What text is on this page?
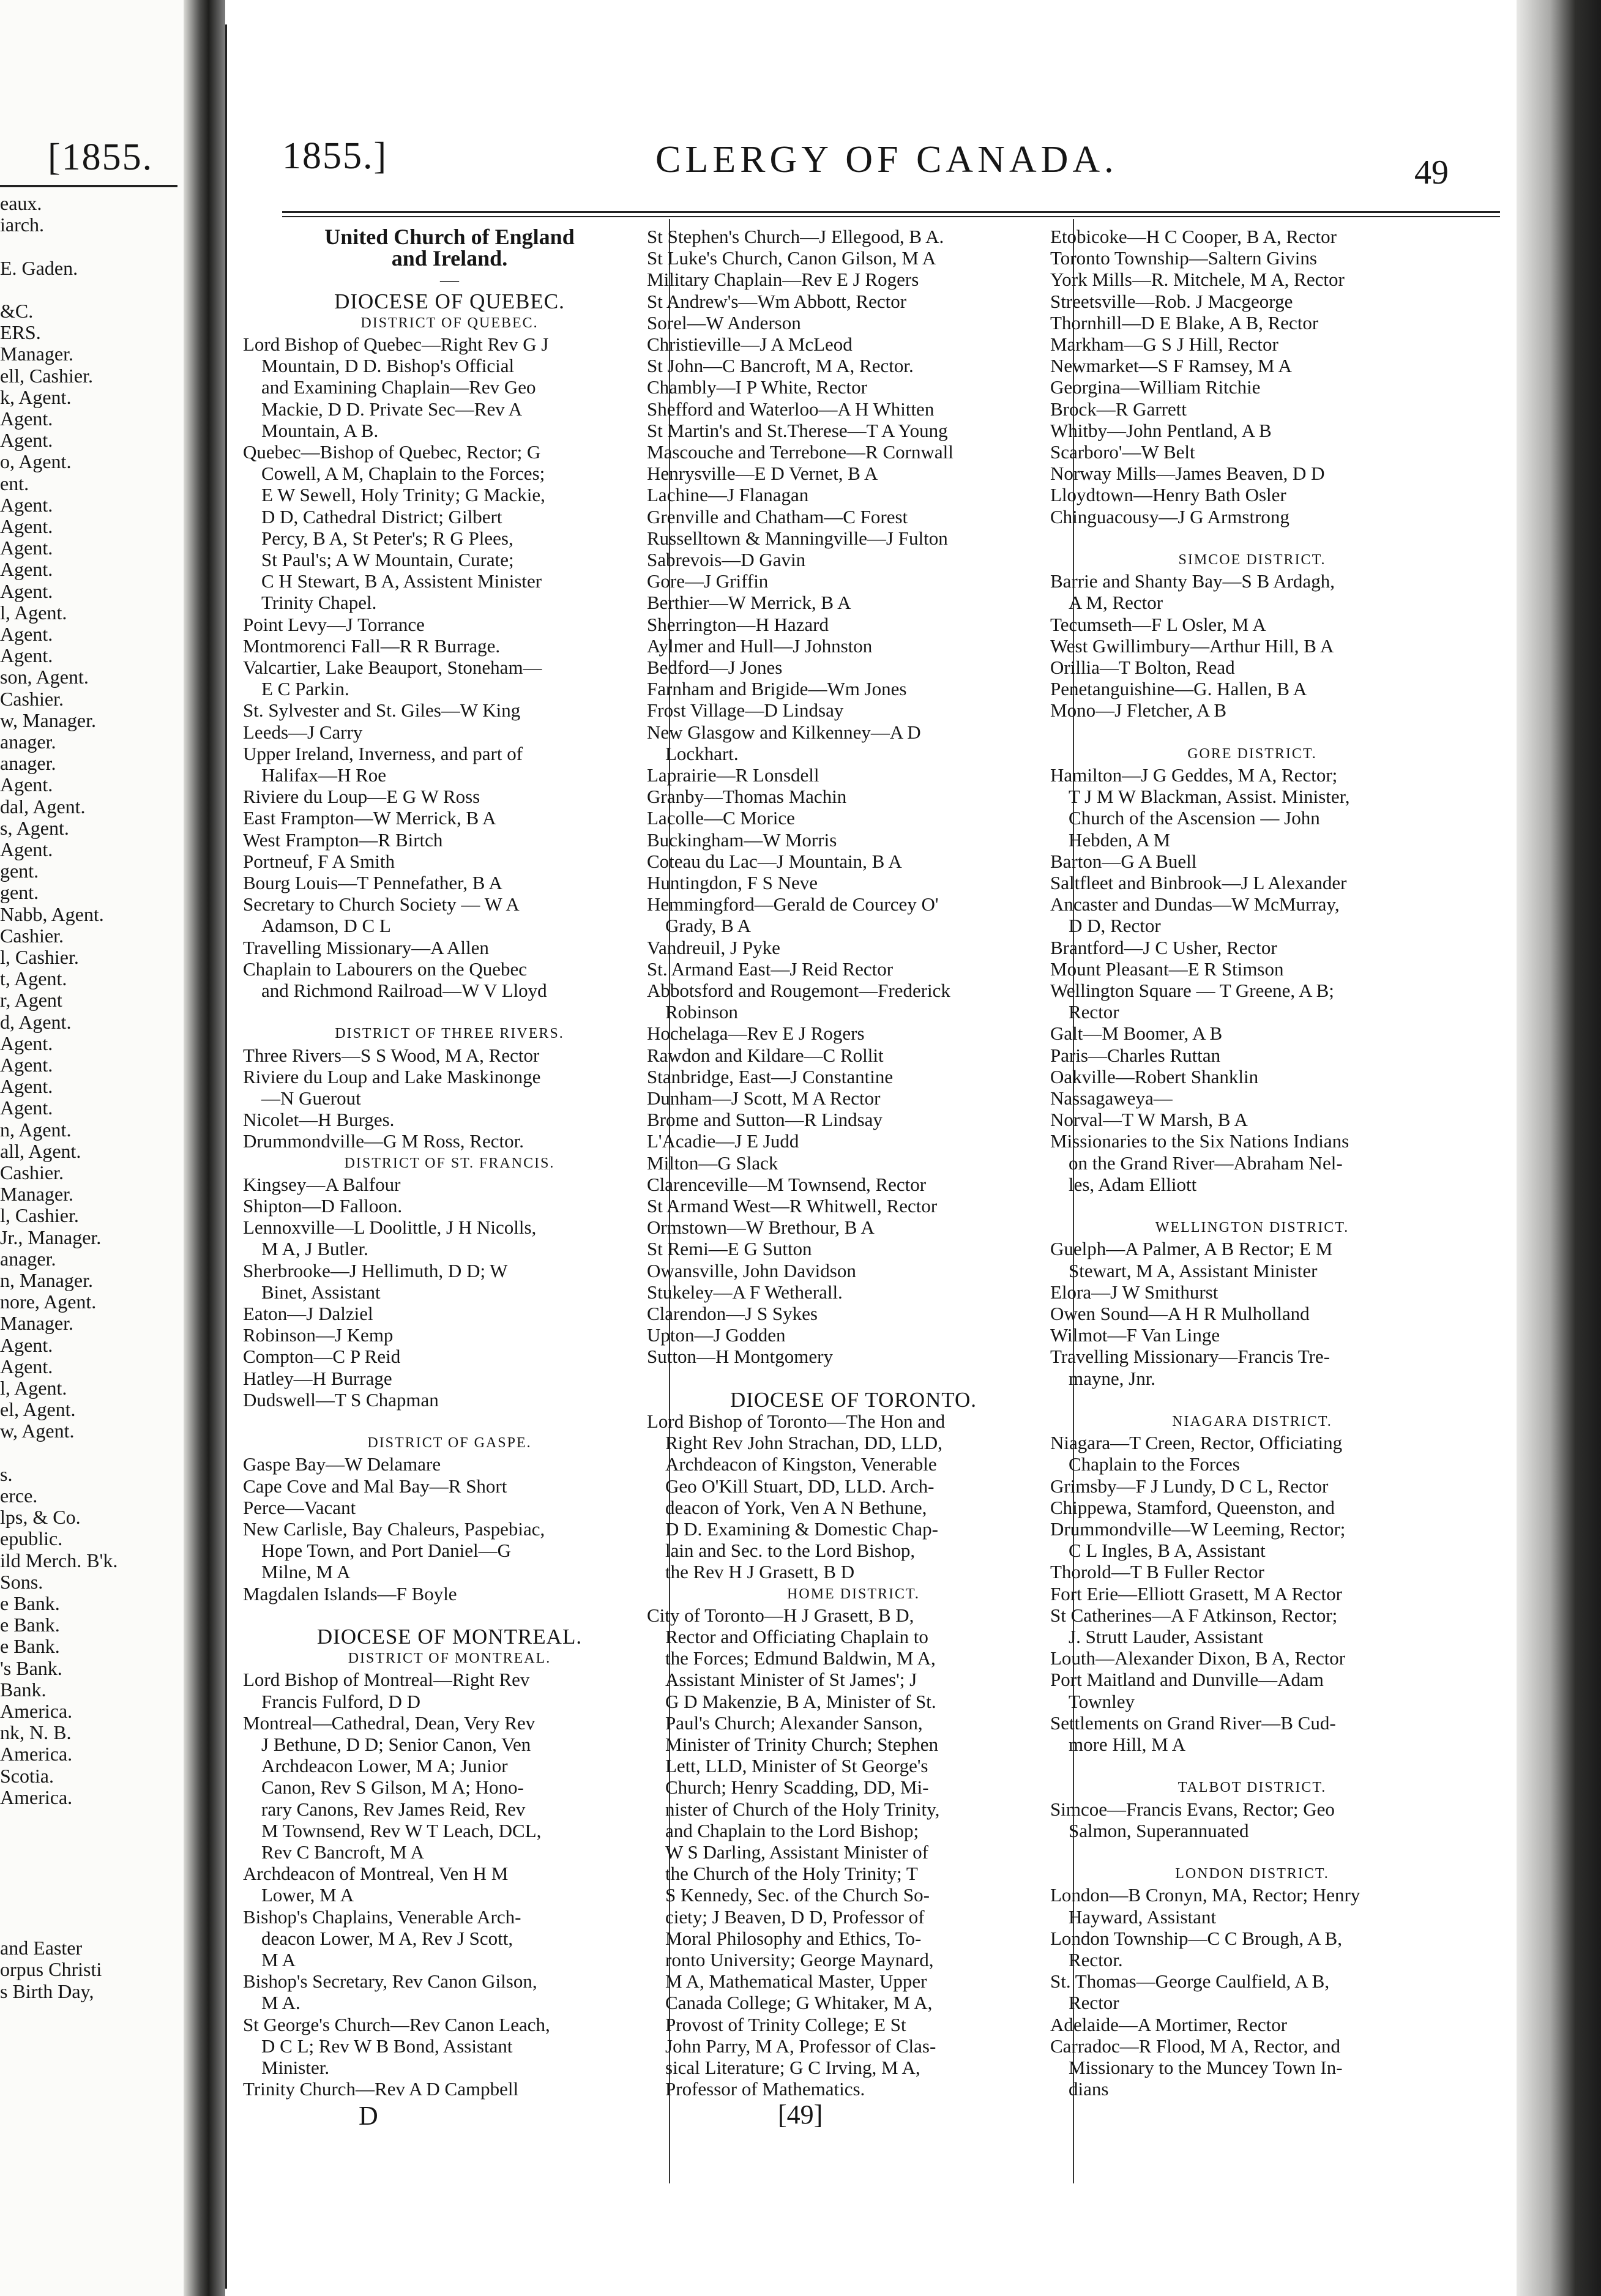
[1855.
eaux.
iarch.
E. Gaden.
&C.
ERS.
Manager.
ell, Cashier.
k, Agent.
Agent.
Agent.
o, Agent.
ent.
Agent.
Agent.
Agent.
Agent.
Agent.
l, Agent.
Agent.
Agent.
son, Agent.
Cashier.
w, Manager.
anager.
anager.
Agent.
dal, Agent.
s, Agent.
Agent.
gent.
gent.
Nabb, Agent.
Cashier.
l, Cashier.
t, Agent.
r, Agent
d, Agent.
Agent.
Agent.
Agent.
Agent.
n, Agent.
all, Agent.
Cashier.
Manager.
l, Cashier.
Jr., Manager.
anager.
n, Manager.
nore, Agent.
Manager.
Agent.
Agent.
l, Agent.
el, Agent.
w, Agent.
s.
erce.
lps, & Co.
epublic.
ild Merch. B'k.
Sons.
e Bank.
e Bank.
e Bank.
's Bank.
Bank.
America.
nk, N. B.
America.
Scotia.
America.
and Easter
orpus Christi
s Birth Day,
1855.]	CLERGY OF CANADA.	49
United Church of England
and Ireland.
—
DIOCESE OF QUEBEC.
DISTRICT OF QUEBEC.
Lord Bishop of Quebec—Right Rev G J
Mountain, D D. Bishop's Official
and Examining Chaplain—Rev Geo
Mackie, D D. Private Sec—Rev A
Mountain, A B.
Quebec—Bishop of Quebec, Rector; G
Cowell, A M, Chaplain to the Forces;
E W Sewell, Holy Trinity; G Mackie,
D D, Cathedral District; Gilbert
Percy, B A, St Peter's; R G Plees,
St Paul's; A W Mountain, Curate;
C H Stewart, B A, Assistent Minister
Trinity Chapel.
Point Levy—J Torrance
Montmorenci Fall—R R Burrage.
Valcartier, Lake Beauport, Stoneham—
E C Parkin.
St. Sylvester and St. Giles—W King
Leeds—J Carry
Upper Ireland, Inverness, and part of
Halifax—H Roe
Riviere du Loup—E G W Ross
East Frampton—W Merrick, B A
West Frampton—R Birtch
Portneuf, F A Smith
Bourg Louis—T Pennefather, B A
Secretary to Church Society — W A
Adamson, D C L
Travelling Missionary—A Allen
Chaplain to Labourers on the Quebec
and Richmond Railroad—W V Lloyd
DISTRICT OF THREE RIVERS.
Three Rivers—S S Wood, M A, Rector
Riviere du Loup and Lake Maskinonge
—N Guerout
Nicolet—H Burges.
Drummondville—G M Ross, Rector.
DISTRICT OF ST. FRANCIS.
Kingsey—A Balfour
Shipton—D Falloon.
Lennoxville—L Doolittle, J H Nicolls,
M A, J Butler.
Sherbrooke—J Hellimuth, D D; W
Binet, Assistant
Eaton—J Dalziel
Robinson—J Kemp
Compton—C P Reid
Hatley—H Burrage
Dudswell—T S Chapman
DISTRICT OF GASPE.
Gaspe Bay—W Delamare
Cape Cove and Mal Bay—R Short
Perce—Vacant
New Carlisle, Bay Chaleurs, Paspebiac,
Hope Town, and Port Daniel—G
Milne, M A
Magdalen Islands—F Boyle
DIOCESE OF MONTREAL.
DISTRICT OF MONTREAL.
Lord Bishop of Montreal—Right Rev
Francis Fulford, D D
Montreal—Cathedral, Dean, Very Rev
J Bethune, D D; Senior Canon, Ven
Archdeacon Lower, M A; Junior
Canon, Rev S Gilson, M A; Hono-
rary Canons, Rev James Reid, Rev
M Townsend, Rev W T Leach, DCL,
Rev C Bancroft, M A
Archdeacon of Montreal, Ven H M
Lower, M A
Bishop's Chaplains, Venerable Arch-
deacon Lower, M A, Rev J Scott,
M A
Bishop's Secretary, Rev Canon Gilson,
M A.
St George's Church—Rev Canon Leach,
D C L; Rev W B Bond, Assistant
Minister.
Trinity Church—Rev A D Campbell
St Stephen's Church—J Ellegood, B A.
St Luke's Church, Canon Gilson, M A
Military Chaplain—Rev E J Rogers
St Andrew's—Wm Abbott, Rector
Sorel—W Anderson
Christieville—J A McLeod
St John—C Bancroft, M A, Rector.
Chambly—I P White, Rector
Shefford and Waterloo—A H Whitten
St Martin's and St.Therese—T A Young
Mascouche and Terrebone—R Cornwall
Henrysville—E D Vernet, B A
Lachine—J Flanagan
Grenville and Chatham—C Forest
Russelltown & Manningville—J Fulton
Sabrevois—D Gavin
Gore—J Griffin
Berthier—W Merrick, B A
Sherrington—H Hazard
Aylmer and Hull—J Johnston
Bedford—J Jones
Farnham and Brigide—Wm Jones
Frost Village—D Lindsay
New Glasgow and Kilkenney—A D
Lockhart.
Laprairie—R Lonsdell
Granby—Thomas Machin
Lacolle—C Morice
Buckingham—W Morris
Coteau du Lac—J Mountain, B A
Huntingdon, F S Neve
Hemmingford—Gerald de Courcey O'
Grady, B A
Vandreuil, J Pyke
St. Armand East—J Reid Rector
Abbotsford and Rougemont—Frederick
Robinson
Hochelaga—Rev E J Rogers
Rawdon and Kildare—C Rollit
Stanbridge, East—J Constantine
Dunham—J Scott, M A Rector
Brome and Sutton—R Lindsay
L'Acadie—J E Judd
Milton—G Slack
Clarenceville—M Townsend, Rector
St Armand West—R Whitwell, Rector
Ormstown—W Brethour, B A
St Remi—E G Sutton
Owansville, John Davidson
Stukeley—A F Wetherall.
Clarendon—J S Sykes
Upton—J Godden
Sutton—H Montgomery
DIOCESE OF TORONTO.
Lord Bishop of Toronto—The Hon and
Right Rev John Strachan, DD, LLD,
Archdeacon of Kingston, Venerable
Geo O'Kill Stuart, DD, LLD. Arch-
deacon of York, Ven A N Bethune,
D D. Examining & Domestic Chap-
lain and Sec. to the Lord Bishop,
the Rev H J Grasett, B D
HOME DISTRICT.
City of Toronto—H J Grasett, B D,
Rector and Officiating Chaplain to
the Forces; Edmund Baldwin, M A,
Assistant Minister of St James'; J
G D Makenzie, B A, Minister of St.
Paul's Church; Alexander Sanson,
Minister of Trinity Church; Stephen
Lett, LLD, Minister of St George's
Church; Henry Scadding, DD, Mi-
nister of Church of the Holy Trinity,
and Chaplain to the Lord Bishop;
W S Darling, Assistant Minister of
the Church of the Holy Trinity; T
S Kennedy, Sec. of the Church So-
ciety; J Beaven, D D, Professor of
Moral Philosophy and Ethics, To-
ronto University; George Maynard,
M A, Mathematical Master, Upper
Canada College; G Whitaker, M A,
Provost of Trinity College; E St
John Parry, M A, Professor of Clas-
sical Literature; G C Irving, M A,
Professor of Mathematics.
Etobicoke—H C Cooper, B A, Rector
Toronto Township—Saltern Givins
York Mills—R. Mitchele, M A, Rector
Streetsville—Rob. J Macgeorge
Thornhill—D E Blake, A B, Rector
Markham—G S J Hill, Rector
Newmarket—S F Ramsey, M A
Georgina—William Ritchie
Brock—R Garrett
Whitby—John Pentland, A B
Scarboro'—W Belt
Norway Mills—James Beaven, D D
Lloydtown—Henry Bath Osler
Chinguacousy—J G Armstrong
SIMCOE DISTRICT.
Barrie and Shanty Bay—S B Ardagh,
A M, Rector
Tecumseth—F L Osler, M A
West Gwillimbury—Arthur Hill, B A
Orillia—T Bolton, Read
Penetanguishine—G. Hallen, B A
Mono—J Fletcher, A B
GORE DISTRICT.
Hamilton—J G Geddes, M A, Rector;
T J M W Blackman, Assist. Minister,
Church of the Ascension — John
Hebden, A M
Barton—G A Buell
Saltfleet and Binbrook—J L Alexander
Ancaster and Dundas—W McMurray,
D D, Rector
Brantford—J C Usher, Rector
Mount Pleasant—E R Stimson
Wellington Square — T Greene, A B;
Rector
Galt—M Boomer, A B
Paris—Charles Ruttan
Oakville—Robert Shanklin
Nassagaweya—
Norval—T W Marsh, B A
Missionaries to the Six Nations Indians
on the Grand River—Abraham Nel-
les, Adam Elliott
WELLINGTON DISTRICT.
Guelph—A Palmer, A B Rector; E M
Stewart, M A, Assistant Minister
Elora—J W Smithurst
Owen Sound—A H R Mulholland
Wilmot—F Van Linge
Travelling Missionary—Francis Tre-
mayne, Jnr.
NIAGARA DISTRICT.
Niagara—T Creen, Rector, Officiating
Chaplain to the Forces
Grimsby—F J Lundy, D C L, Rector
Chippewa, Stamford, Queenston, and
Drummondville—W Leeming, Rector;
C L Ingles, B A, Assistant
Thorold—T B Fuller Rector
Fort Erie—Elliott Grasett, M A Rector
St Catherines—A F Atkinson, Rector;
J. Strutt Lauder, Assistant
Louth—Alexander Dixon, B A, Rector
Port Maitland and Dunville—Adam
Townley
Settlements on Grand River—B Cud-
more Hill, M A
TALBOT DISTRICT.
Simcoe—Francis Evans, Rector; Geo
Salmon, Superannuated
LONDON DISTRICT.
London—B Cronyn, MA, Rector; Henry
Hayward, Assistant
London Township—C C Brough, A B,
Rector.
St. Thomas—George Caulfield, A B,
Rector
Adelaide—A Mortimer, Rector
Carradoc—R Flood, M A, Rector, and
Missionary to the Muncey Town In-
dians
D	[49]
